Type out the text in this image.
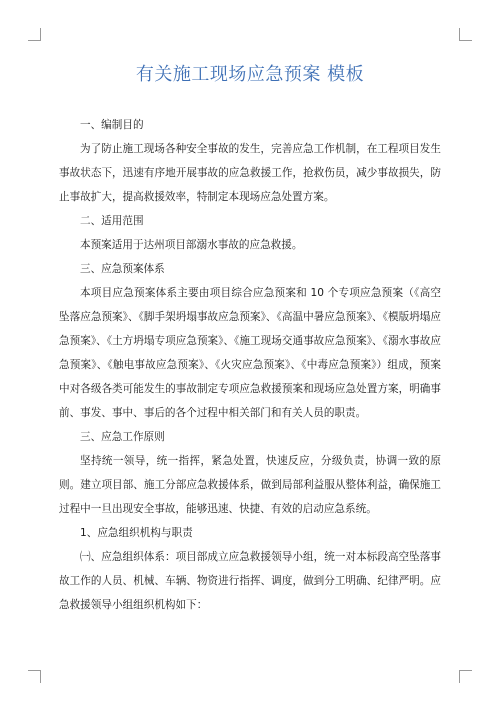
有关施工现场应急预案 模板

一、编制目的

为了防止施工现场各种安全事故的发生，完善应急工作机制，在工程项目发生事故状态下，迅速有序地开展事故的应急救援工作，抢救伤员，减少事故损失，防止事故扩大，提高救援效率，特制定本现场应急处置方案。

二、适用范围

本预案适用于达州项目部溺水事故的应急救援。

三、应急预案体系

本项目应急预案体系主要由项目综合应急预案和 10 个专项应急预案（《高空坠落应急预案》、《脚手架坍塌事故应急预案》、《高温中暑应急预案》、《模版坍塌应急预案》、《土方坍塌专项应急预案》、《施工现场交通事故应急预案》、《溺水事故应急预案》、《触电事故应急预案》、《火灾应急预案》、《中毒应急预案》）组成，预案中对各级各类可能发生的事故制定专项应急救援预案和现场应急处置方案，明确事前、事发、事中、事后的各个过程中相关部门和有关人员的职责。

三、应急工作原则

坚持统一领导，统一指挥，紧急处置，快速反应，分级负责，协调一致的原则。建立项目部、施工分部应急救援体系，做到局部利益服从整体利益，确保施工过程中一旦出现安全事故，能够迅速、快捷、有效的启动应急系统。

1、应急组织机构与职责

㈠、应急组织体系：项目部成立应急救援领导小组，统一对本标段高空坠落事故工作的人员、机械、车辆、物资进行指挥、调度，做到分工明确、纪律严明。应急救援领导小组组织机构如下：
